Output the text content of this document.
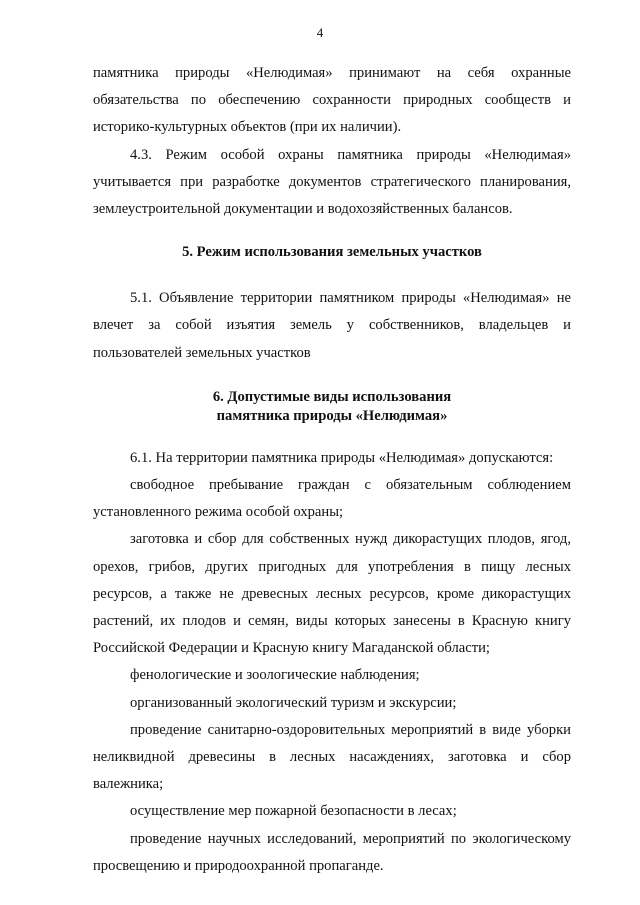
4

памятника природы «Нелюдимая» принимают на себя охранные обязательства по обеспечению сохранности природных сообществ и историко-культурных объектов (при их наличии).

4.3. Режим особой охраны памятника природы «Нелюдимая» учитывается при разработке документов стратегического планирования, землеустроительной документации и водохозяйственных балансов.

5. Режим использования земельных участков

5.1. Объявление территории памятником природы «Нелюдимая» не влечет за собой изъятия земель у собственников, владельцев и пользователей земельных участков

6. Допустимые виды использования
памятника природы «Нелюдимая»

6.1. На территории памятника природы «Нелюдимая» допускаются:

свободное пребывание граждан с обязательным соблюдением установленного режима особой охраны;

заготовка и сбор для собственных нужд дикорастущих плодов, ягод, орехов, грибов, других пригодных для употребления в пищу лесных ресурсов, а также не древесных лесных ресурсов, кроме дикорастущих растений, их плодов и семян, виды которых занесены в Красную книгу Российской Федерации и Красную книгу Магаданской области;

фенологические и зоологические наблюдения;

организованный экологический туризм и экскурсии;

проведение санитарно-оздоровительных мероприятий в виде уборки неликвидной древесины в лесных насаждениях, заготовка и сбор валежника;

осуществление мер пожарной безопасности в лесах;

проведение научных исследований, мероприятий по экологическому просвещению и природоохранной пропаганде.
